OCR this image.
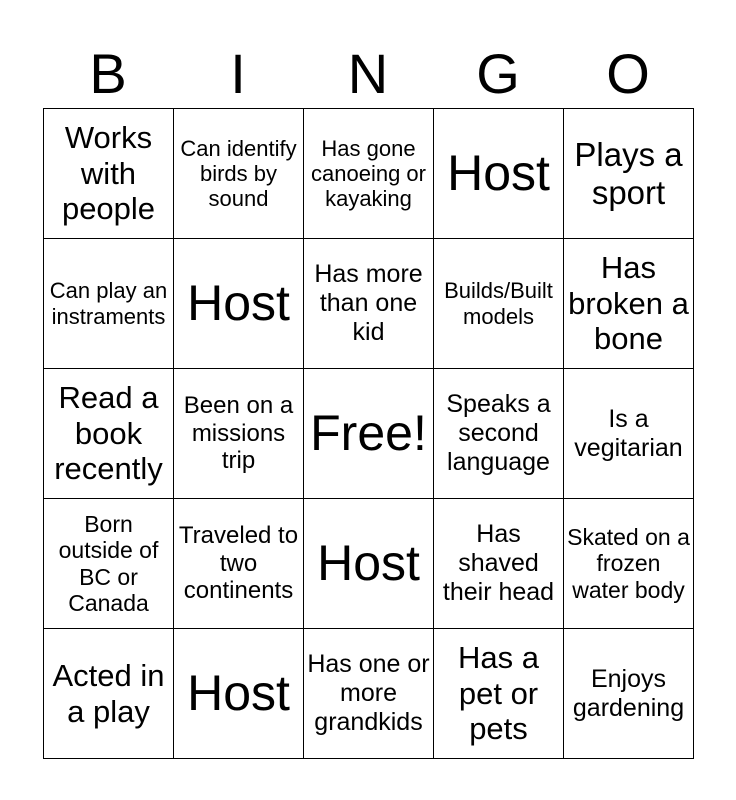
B	I	N	G	O
Works with people	Can identify birds by sound	Has gone canoeing or kayaking	Host	Plays a sport
Can play an instraments	Host	Has more than one kid	Builds/Built models	Has broken a bone
Read a book recently	Been on a missions trip	Free!	Speaks a second language	Is a vegitarian
Born outside of BC or Canada	Traveled to two continents	Host	Has shaved their head	Skated on a frozen water body
Acted in a play	Host	Has one or more grandkids	Has a pet or pets	Enjoys gardening
